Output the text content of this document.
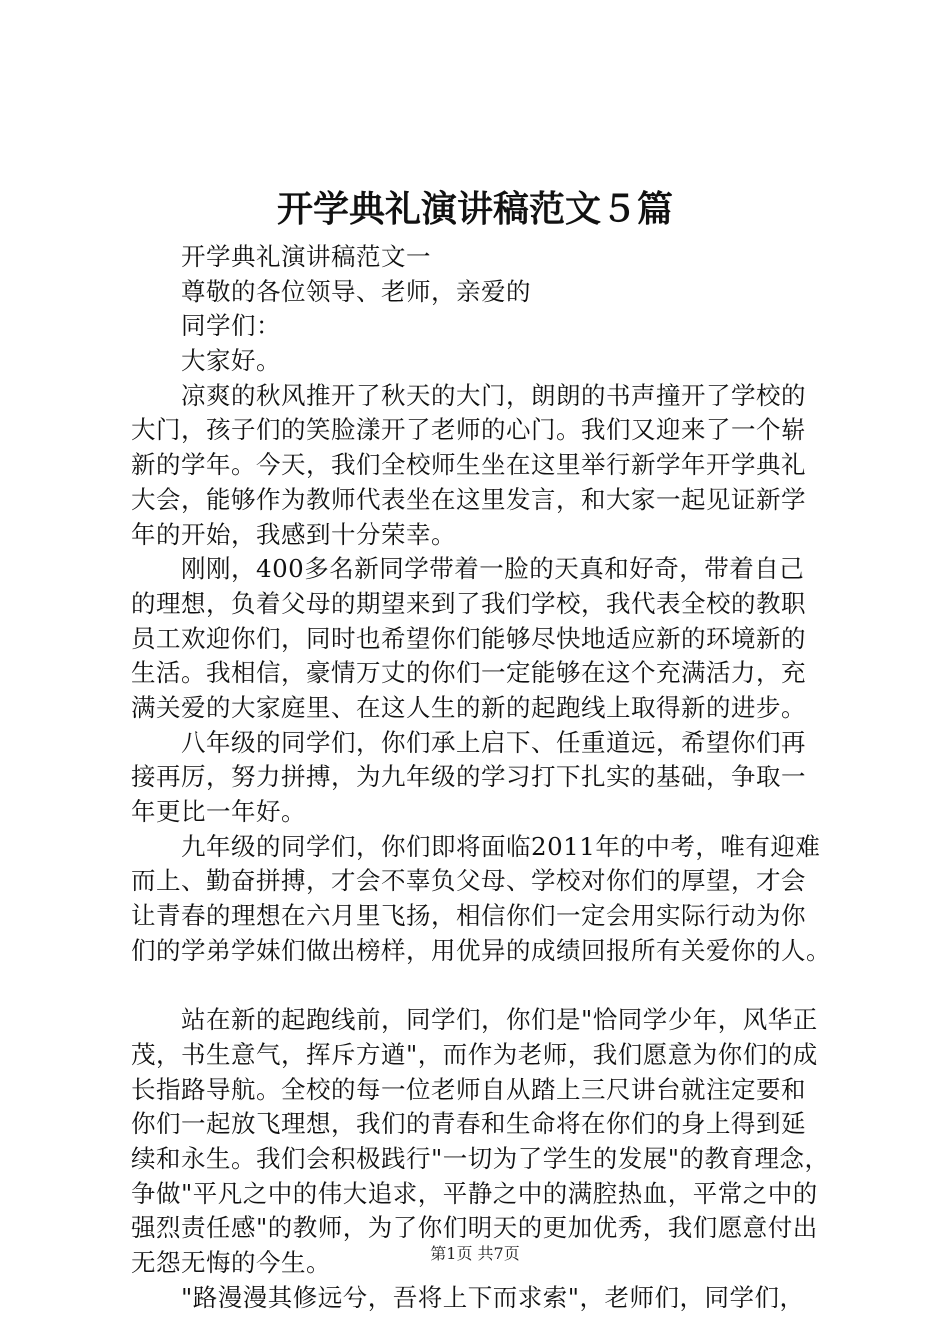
开学典礼演讲稿范文５篇
开学典礼演讲稿范文一
尊敬的各位领导、老师，亲爱的
同学们：
大家好。
凉爽的秋风推开了秋天的大门，朗朗的书声撞开了学校的
大门，孩子们的笑脸漾开了老师的心门。我们又迎来了一个崭
新的学年。今天，我们全校师生坐在这里举行新学年开学典礼
大会，能够作为教师代表坐在这里发言，和大家一起见证新学
年的开始，我感到十分荣幸。
刚刚，400多名新同学带着一脸的天真和好奇，带着自己
的理想，负着父母的期望来到了我们学校，我代表全校的教职
员工欢迎你们，同时也希望你们能够尽快地适应新的环境新的
生活。我相信，豪情万丈的你们一定能够在这个充满活力，充
满关爱的大家庭里、在这人生的新的起跑线上取得新的进步。
八年级的同学们，你们承上启下、任重道远，希望你们再
接再厉，努力拼搏，为九年级的学习打下扎实的基础，争取一
年更比一年好。
九年级的同学们，你们即将面临2011年的中考，唯有迎难
而上、勤奋拼搏，才会不辜负父母、学校对你们的厚望，才会
让青春的理想在六月里飞扬，相信你们一定会用实际行动为你
们的学弟学妹们做出榜样，用优异的成绩回报所有关爱你的人。
站在新的起跑线前，同学们，你们是"恰同学少年，风华正
茂，书生意气，挥斥方遒"，而作为老师，我们愿意为你们的成
长指路导航。全校的每一位老师自从踏上三尺讲台就注定要和
你们一起放飞理想，我们的青春和生命将在你们的身上得到延
续和永生。我们会积极践行"一切为了学生的发展"的教育理念，
争做"平凡之中的伟大追求，平静之中的满腔热血，平常之中的
强烈责任感"的教师，为了你们明天的更加优秀，我们愿意付出
无怨无悔的今生。
"路漫漫其修远兮，吾将上下而求索"，老师们，同学们，
第1页 共7页
